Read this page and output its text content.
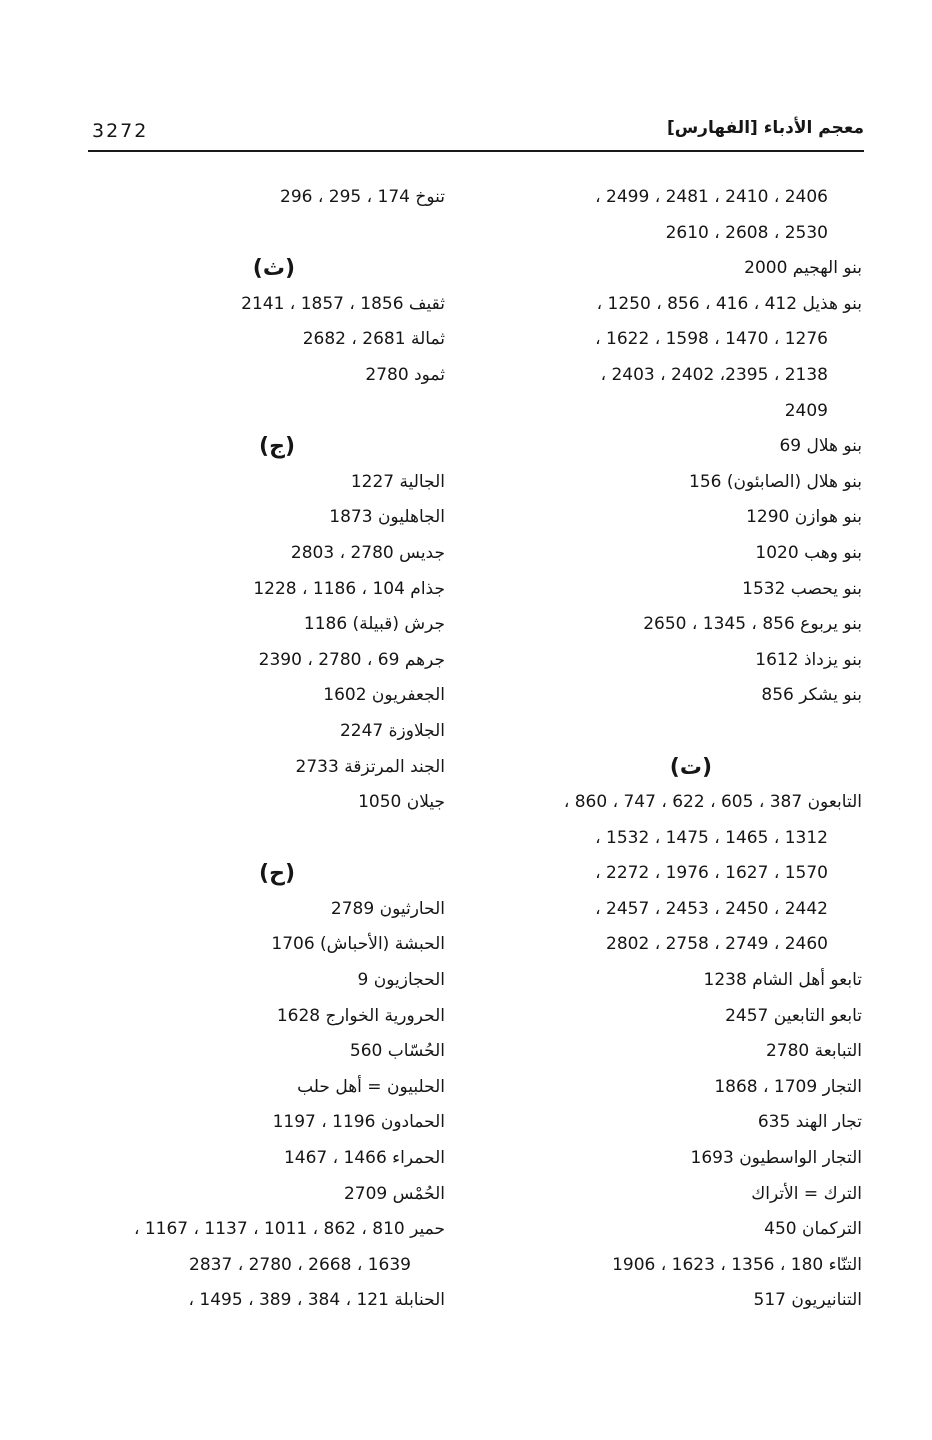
3272	معجم الأدباء [الفهارس]
2406 ، 2410 ، 2481 ، 2499 ،
2530 ، 2608 ، 2610
بنو الهجيم 2000
بنو هذيل 412 ، 416 ، 856 ، 1250 ،
1276 ، 1470 ، 1598 ، 1622 ،
2138 ، 2395، 2402 ، 2403 ،
2409
بنو هلال 69
بنو هلال (الصابئون) 156
بنو هوازن 1290
بنو وهب 1020
بنو يحصب 1532
بنو يربوع 856 ، 1345 ، 2650
بنو يزداذ 1612
بنو يشكر 856
(ت)
التابعون 387 ، 605 ، 622 ، 747 ، 860 ،
1312 ، 1465 ، 1475 ، 1532 ،
1570 ، 1627 ، 1976 ، 2272 ،
2442 ، 2450 ، 2453 ، 2457 ،
2460 ، 2749 ، 2758 ، 2802
تابعو أهل الشام 1238
تابعو التابعين 2457
التبابعة 2780
التجار 1709 ، 1868
تجار الهند 635
التجار الواسطيون 1693
الترك = الأتراك
التركمان 450
التنّاء 180 ، 1356 ، 1623 ، 1906
التنانيريون 517
تنوخ 174 ، 295 ، 296
(ث)
ثقيف 1856 ، 1857 ، 2141
ثمالة 2681 ، 2682
ثمود 2780
(ج)
الجالية 1227
الجاهليون 1873
جديس 2780 ، 2803
جذام 104 ، 1186 ، 1228
جرش (قبيلة) 1186
جرهم 69 ، 2780 ، 2390
الجعفريون 1602
الجلاوزة 2247
الجند المرتزقة 2733
جيلان 1050
(ح)
الحارثيون 2789
الحبشة (الأحباش) 1706
الحجازيون 9
الحرورية الخوارج 1628
الحُسّاب 560
الحلبيون = أهل حلب
الحمادون 1196 ، 1197
الحمراء 1466 ، 1467
الحُمْس 2709
حمير 810 ، 862 ، 1011 ، 1137 ، 1167 ،
1639 ، 2668 ، 2780 ، 2837
الحنابلة 121 ، 384 ، 389 ، 1495 ،
